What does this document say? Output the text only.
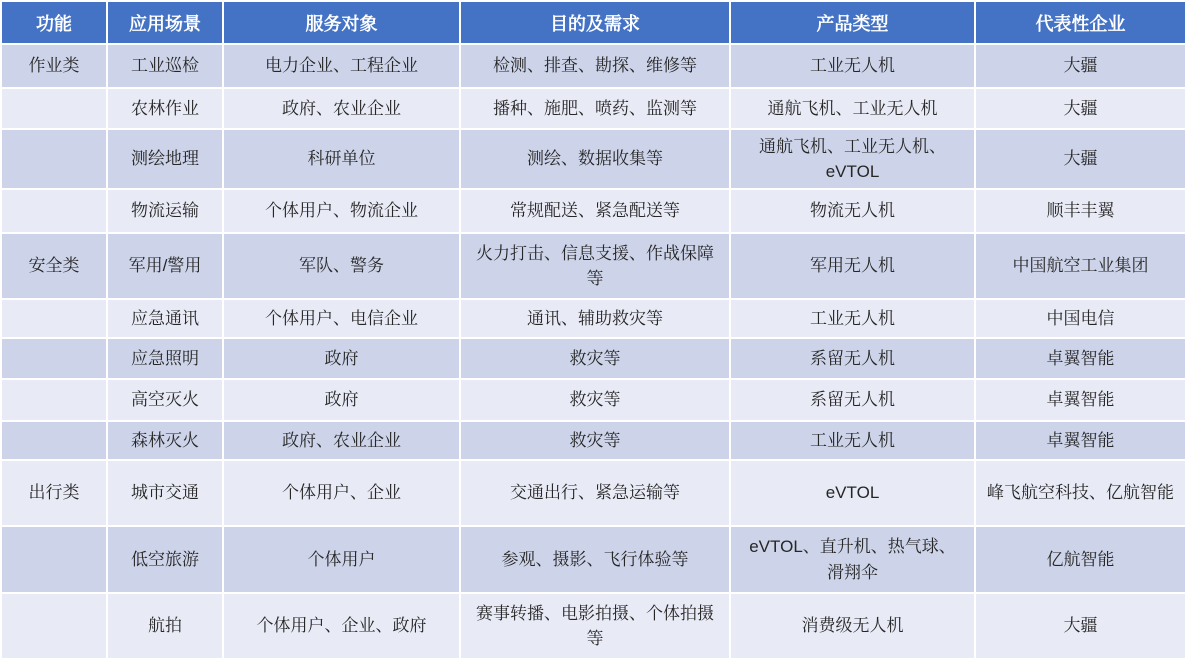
功能	应用场景	服务对象	目的及需求	产品类型	代表性企业
作业类	工业巡检	电力企业、工程企业	检测、排查、勘探、维修等	工业无人机	大疆
	农林作业	政府、农业企业	播种、施肥、喷药、监测等	通航飞机、工业无人机	大疆
	测绘地理	科研单位	测绘、数据收集等	通航飞机、工业无人机、eVTOL	大疆
	物流运输	个体用户、物流企业	常规配送、紧急配送等	物流无人机	顺丰丰翼
安全类	军用/警用	军队、警务	火力打击、信息支援、作战保障等	军用无人机	中国航空工业集团
	应急通讯	个体用户、电信企业	通讯、辅助救灾等	工业无人机	中国电信
	应急照明	政府	救灾等	系留无人机	卓翼智能
	高空灭火	政府	救灾等	系留无人机	卓翼智能
	森林灭火	政府、农业企业	救灾等	工业无人机	卓翼智能
出行类	城市交通	个体用户、企业	交通出行、紧急运输等	eVTOL	峰飞航空科技、亿航智能
	低空旅游	个体用户	参观、摄影、飞行体验等	eVTOL、直升机、热气球、滑翔伞	亿航智能
	航拍	个体用户、企业、政府	赛事转播、电影拍摄、个体拍摄等	消费级无人机	大疆
